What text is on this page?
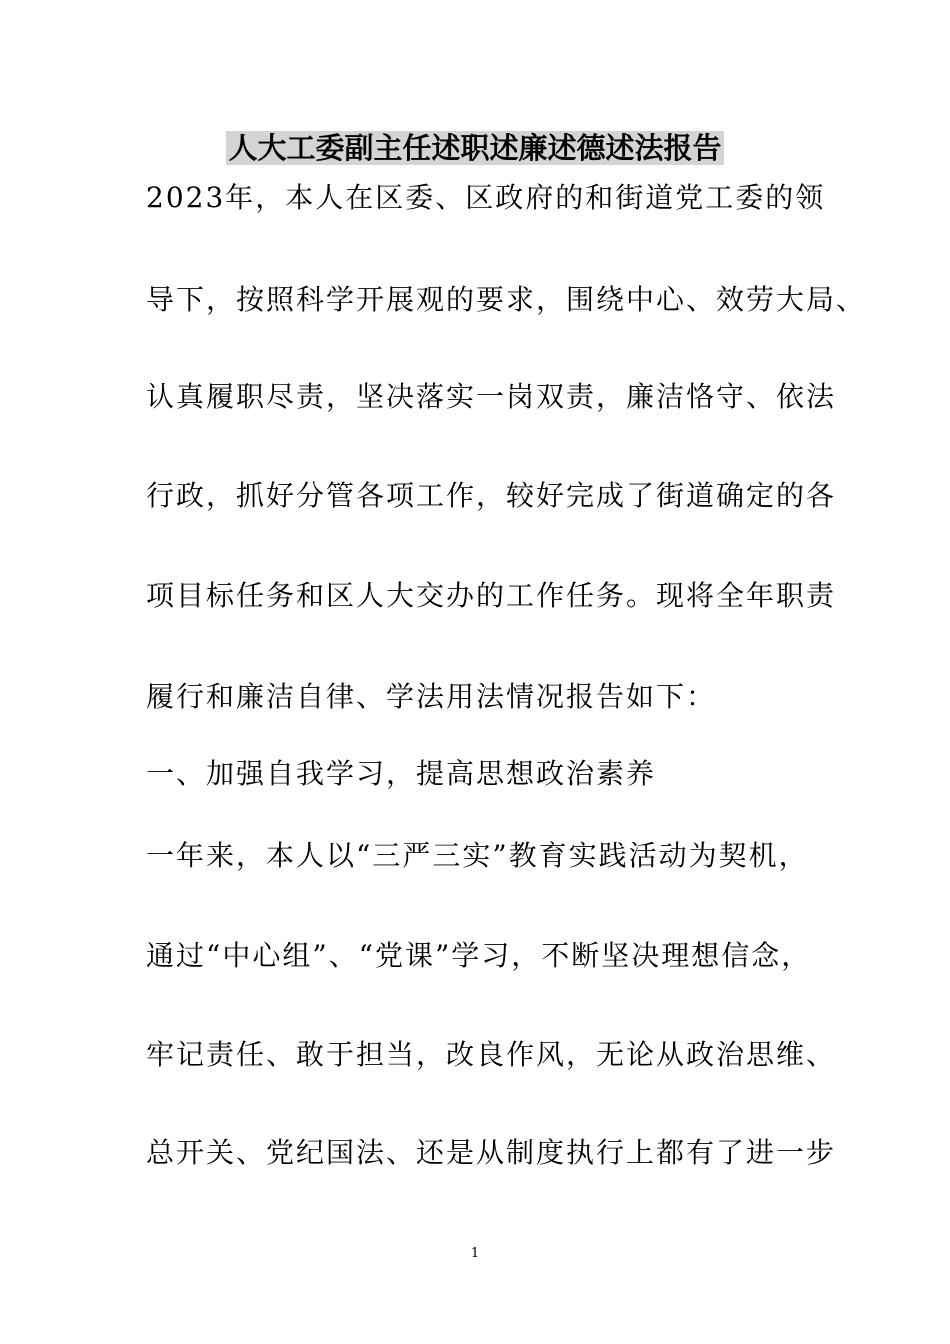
人大工委副主任述职述廉述德述法报告
2023年，本人在区委、区政府的和街道党工委的领
导下，按照科学开展观的要求，围绕中心、效劳大局、
认真履职尽责，坚决落实一岗双责，廉洁恪守、依法
行政，抓好分管各项工作，较好完成了街道确定的各
项目标任务和区人大交办的工作任务。现将全年职责
履行和廉洁自律、学法用法情况报告如下：
一、加强自我学习，提高思想政治素养
一年来，本人以“三严三实”教育实践活动为契机，
通过“中心组”、“党课”学习，不断坚决理想信念，
牢记责任、敢于担当，改良作风，无论从政治思维、
总开关、党纪国法、还是从制度执行上都有了进一步
1
